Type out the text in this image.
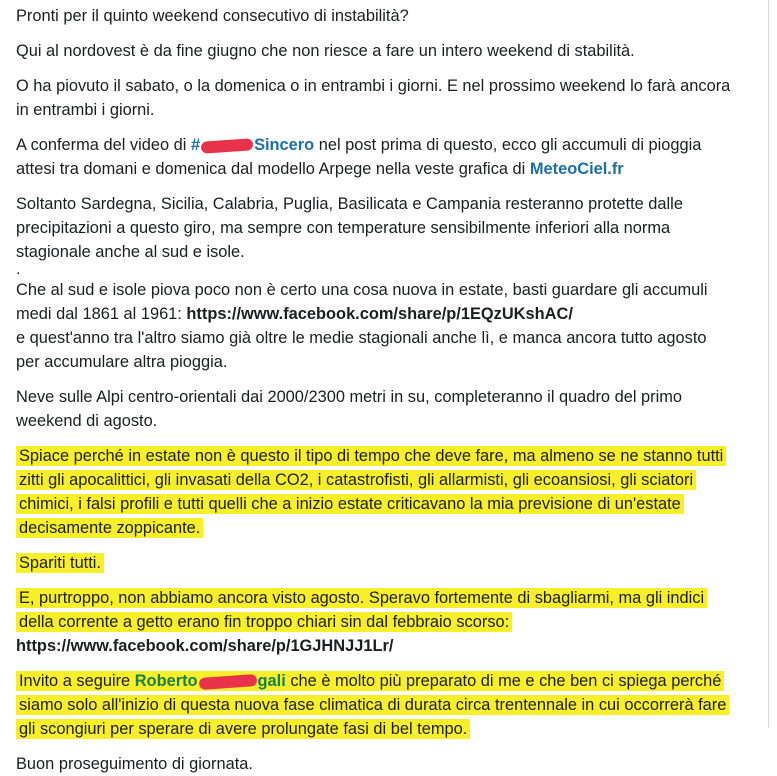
Pronti per il quinto weekend consecutivo di instabilità?

Qui al nordovest è da fine giugno che non riesce a fare un intero weekend di stabilità.

O ha piovuto il sabato, o la domenica o in entrambi i giorni. E nel prossimo weekend lo farà ancora
in entrambi i giorni.

A conferma del video di #	Sincero nel post prima di questo, ecco gli accumuli di pioggia
attesi tra domani e domenica dal modello Arpege nella veste grafica di MeteoCiel.fr

Soltanto Sardegna, Sicilia, Calabria, Puglia, Basilicata e Campania resteranno protette dalle
precipitazioni a questo giro, ma sempre con temperature sensibilmente inferiori alla norma
stagionale anche al sud e isole.

.

Che al sud e isole piova poco non è certo una cosa nuova in estate, basti guardare gli accumuli
medi dal 1861 al 1961: https://www.facebook.com/share/p/1EQzUKshAC/
e quest'anno tra l'altro siamo già oltre le medie stagionali anche lì, e manca ancora tutto agosto
per accumulare altra pioggia.

Neve sulle Alpi centro-orientali dai 2000/2300 metri in su, completeranno il quadro del primo
weekend di agosto.

Spiace perché in estate non è questo il tipo di tempo che deve fare, ma almeno se ne stanno tutti
zitti gli apocalittici, gli invasati della CO2, i catastrofisti, gli allarmisti, gli ecoansiosi, gli sciatori
chimici, i falsi profili e tutti quelli che a inizio estate criticavano la mia previsione di un'estate
decisamente zoppicante.

Spariti tutti.

E, purtroppo, non abbiamo ancora visto agosto. Speravo fortemente di sbagliarmi, ma gli indici
della corrente a getto erano fin troppo chiari sin dal febbraio scorso:
https://www.facebook.com/share/p/1GJHNJJ1Lr/

Invito a seguire Roberto	gali che è molto più preparato di me e che ben ci spiega perché
siamo solo all'inizio di questa nuova fase climatica di durata circa trentennale in cui occorrerà fare
gli scongiuri per sperare di avere prolungate fasi di bel tempo.

Buon proseguimento di giornata.
